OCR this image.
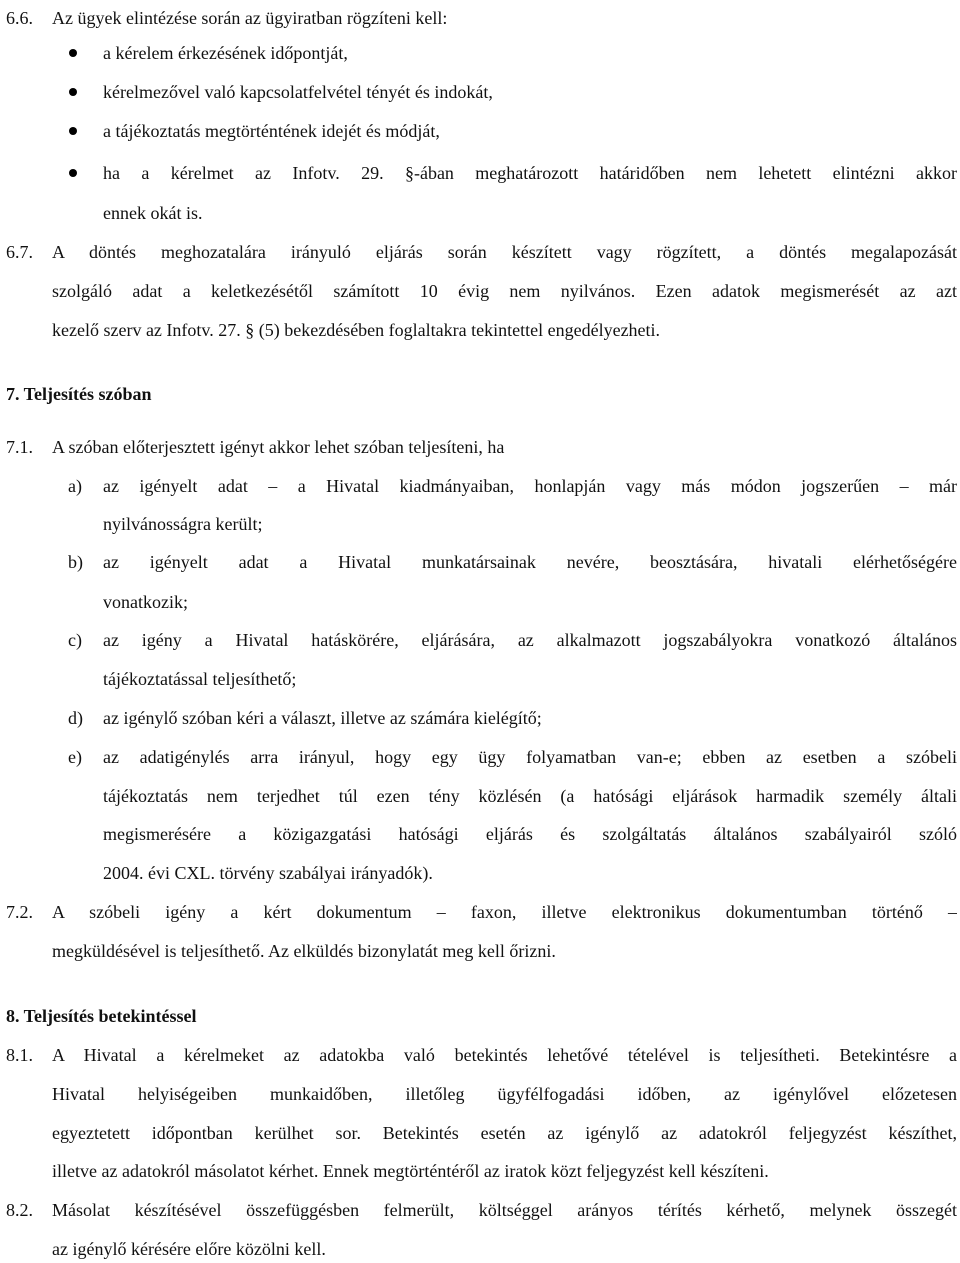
6.6. Az ügyek elintézése során az ügyiratban rögzíteni kell:
a kérelem érkezésének időpontját,
kérelmezővel való kapcsolatfelvétel tényét és indokát,
a tájékoztatás megtörténtének idejét és módját,
ha a kérelmet az Infotv. 29. §-ában meghatározott határidőben nem lehetett elintézni akkor
ennek okát is.
6.7. A döntés meghozatalára irányuló eljárás során készített vagy rögzített, a döntés megalapozását
szolgáló adat a keletkezésétől számított 10 évig nem nyilvános. Ezen adatok megismerését az azt
kezelő szerv az Infotv. 27. § (5) bekezdésében foglaltakra tekintettel engedélyezheti.
7. Teljesítés szóban
7.1. A szóban előterjesztett igényt akkor lehet szóban teljesíteni, ha
a) az igényelt adat – a Hivatal kiadmányaiban, honlapján vagy más módon jogszerűen – már
nyilvánosságra került;
b) az igényelt adat a Hivatal munkatársainak nevére, beosztására, hivatali elérhetőségére
vonatkozik;
c) az igény a Hivatal hatáskörére, eljárására, az alkalmazott jogszabályokra vonatkozó általános
tájékoztatással teljesíthető;
d) az igénylő szóban kéri a választ, illetve az számára kielégítő;
e) az adatigénylés arra irányul, hogy egy ügy folyamatban van-e; ebben az esetben a szóbeli
tájékoztatás nem terjedhet túl ezen tény közlésén (a hatósági eljárások harmadik személy általi
megismerésére a közigazgatási hatósági eljárás és szolgáltatás általános szabályairól szóló
2004. évi CXL. törvény szabályai irányadók).
7.2. A szóbeli igény a kért dokumentum – faxon, illetve elektronikus dokumentumban történő –
megküldésével is teljesíthető. Az elküldés bizonylatát meg kell őrizni.
8. Teljesítés betekintéssel
8.1. A Hivatal a kérelmeket az adatokba való betekintés lehetővé tételével is teljesítheti. Betekintésre a
Hivatal helyiségeiben munkaidőben, illetőleg ügyfélfogadási időben, az igénylővel előzetesen
egyeztetett időpontban kerülhet sor. Betekintés esetén az igénylő az adatokról feljegyzést készíthet,
illetve az adatokról másolatot kérhet. Ennek megtörténtéről az iratok közt feljegyzést kell készíteni.
8.2. Másolat készítésével összefüggésben felmerült, költséggel arányos térítés kérhető, melynek összegét
az igénylő kérésére előre közölni kell.
